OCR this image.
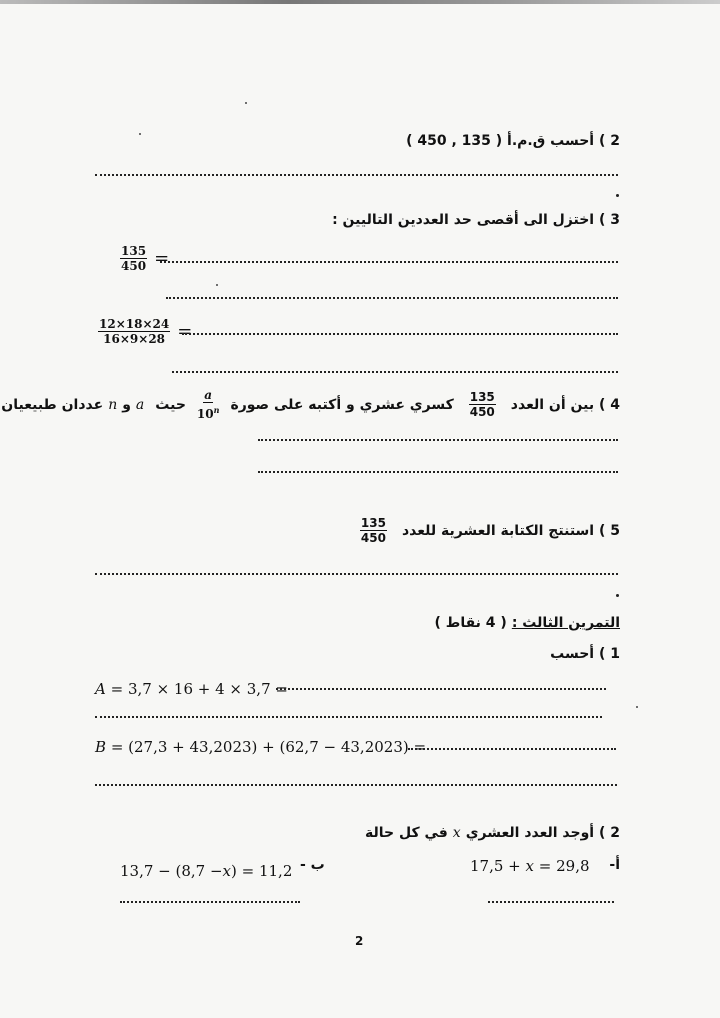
2 ) أحسب ق.م.أ ( 135 , 450 )
3 ) اختزل الى أقصى حد العددين التاليين :
$\frac{135}{450}$ =
$\frac{12\times 18\times 24}{16\times 9\times 28}$ =
4 ) بين أن العدد
$\frac{135}{450}$
كسري عشري و أكتبه على صورة
$\frac{a}{10^n}$
حيث
a
و
n
عددان طبيعيان
5 ) استنتج الكتابة العشرية للعدد
$\frac{135}{450}$
التمرين الثالث :
( 4 نقاط )
1 ) أحسب
A = 3,7 × 16 + 4 × 3,7 =
B = (27,3 + 43,2023) + (62,7 − 43,2023) =
2 ) أوجد العدد العشري
x
في كل حالة
أ-
17,5 + x = 29,8
ب -
13,7 − (8,7 −x) = 11,2
2
